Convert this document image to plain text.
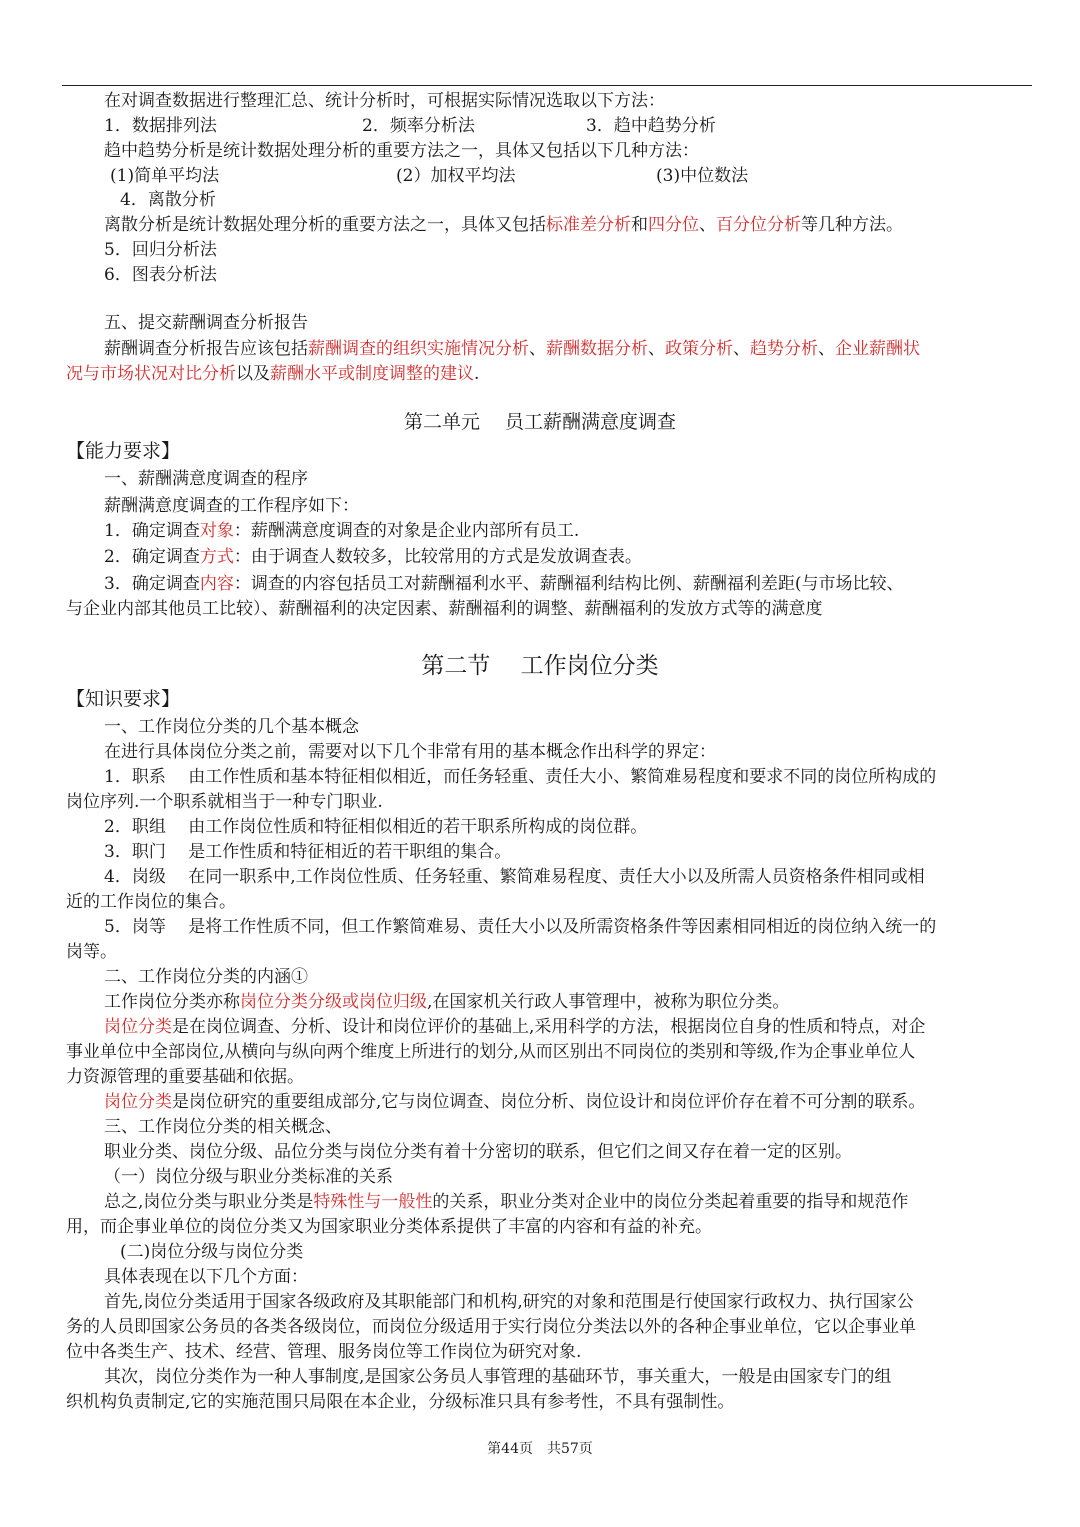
在对调查数据进行整理汇总、统计分析时，可根据实际情况选取以下方法：
1．数据排列法	2．频率分析法	3．趋中趋势分析
趋中趋势分析是统计数据处理分析的重要方法之一，具体又包括以下几种方法：
(1)简单平均法	(2）加权平均法	(3)中位数法
4．离散分析
离散分析是统计数据处理分析的重要方法之一，具体又包括标准差分析和四分位、百分位分析等几种方法。
5．回归分析法
6．图表分析法
五、提交薪酬调查分析报告
薪酬调查分析报告应该包括薪酬调查的组织实施情况分析、薪酬数据分析、政策分析、趋势分析、企业薪酬状
况与市场状况对比分析以及薪酬水平或制度调整的建议.
第二单元　 员工薪酬满意度调查
【能力要求】
一、薪酬满意度调查的程序
薪酬满意度调查的工作程序如下：
1．确定调查对象：薪酬满意度调查的对象是企业内部所有员工.
2．确定调查方式：由于调查人数较多，比较常用的方式是发放调查表。
3．确定调查内容：调查的内容包括员工对薪酬福利水平、薪酬福利结构比例、薪酬福利差距(与市场比较、
与企业内部其他员工比较）、薪酬福利的决定因素、薪酬福利的调整、薪酬福利的发放方式等的满意度
第二节　 工作岗位分类
【知识要求】
一、工作岗位分类的几个基本概念
在进行具体岗位分类之前，需要对以下几个非常有用的基本概念作出科学的界定：
1．职系　 由工作性质和基本特征相似相近，而任务轻重、责任大小、繁简难易程度和要求不同的岗位所构成的
岗位序列.一个职系就相当于一种专门职业.
2．职组　 由工作岗位性质和特征相似相近的若干职系所构成的岗位群。
3．职门　 是工作性质和特征相近的若干职组的集合。
4．岗级　 在同一职系中,工作岗位性质、任务轻重、繁简难易程度、责任大小以及所需人员资格条件相同或相
近的工作岗位的集合。
5．岗等　 是将工作性质不同，但工作繁简难易、责任大小以及所需资格条件等因素相同相近的岗位纳入统一的
岗等。
二、工作岗位分类的内涵①
工作岗位分类亦称岗位分类分级或岗位归级,在国家机关行政人事管理中，被称为职位分类。
岗位分类是在岗位调查、分析、设计和岗位评价的基础上,采用科学的方法，根据岗位自身的性质和特点，对企
事业单位中全部岗位,从横向与纵向两个维度上所进行的划分,从而区别出不同岗位的类别和等级,作为企事业单位人
力资源管理的重要基础和依据。
岗位分类是岗位研究的重要组成部分,它与岗位调查、岗位分析、岗位设计和岗位评价存在着不可分割的联系。
三、工作岗位分类的相关概念、
职业分类、岗位分级、品位分类与岗位分类有着十分密切的联系，但它们之间又存在着一定的区别。
（一）岗位分级与职业分类标准的关系
总之,岗位分类与职业分类是特殊性与一般性的关系，职业分类对企业中的岗位分类起着重要的指导和规范作
用，而企事业单位的岗位分类又为国家职业分类体系提供了丰富的内容和有益的补充。
(二)岗位分级与岗位分类
具体表现在以下几个方面：
首先,岗位分类适用于国家各级政府及其职能部门和机构,研究的对象和范围是行使国家行政权力、执行国家公
务的人员即国家公务员的各类各级岗位，而岗位分级适用于实行岗位分类法以外的各种企事业单位，它以企事业单
位中各类生产、技术、经营、管理、服务岗位等工作岗位为研究对象.
其次，岗位分类作为一种人事制度,是国家公务员人事管理的基础环节，事关重大，一般是由国家专门的组
织机构负责制定,它的实施范围只局限在本企业，分级标准只具有参考性，不具有强制性。
第44页　共57页
